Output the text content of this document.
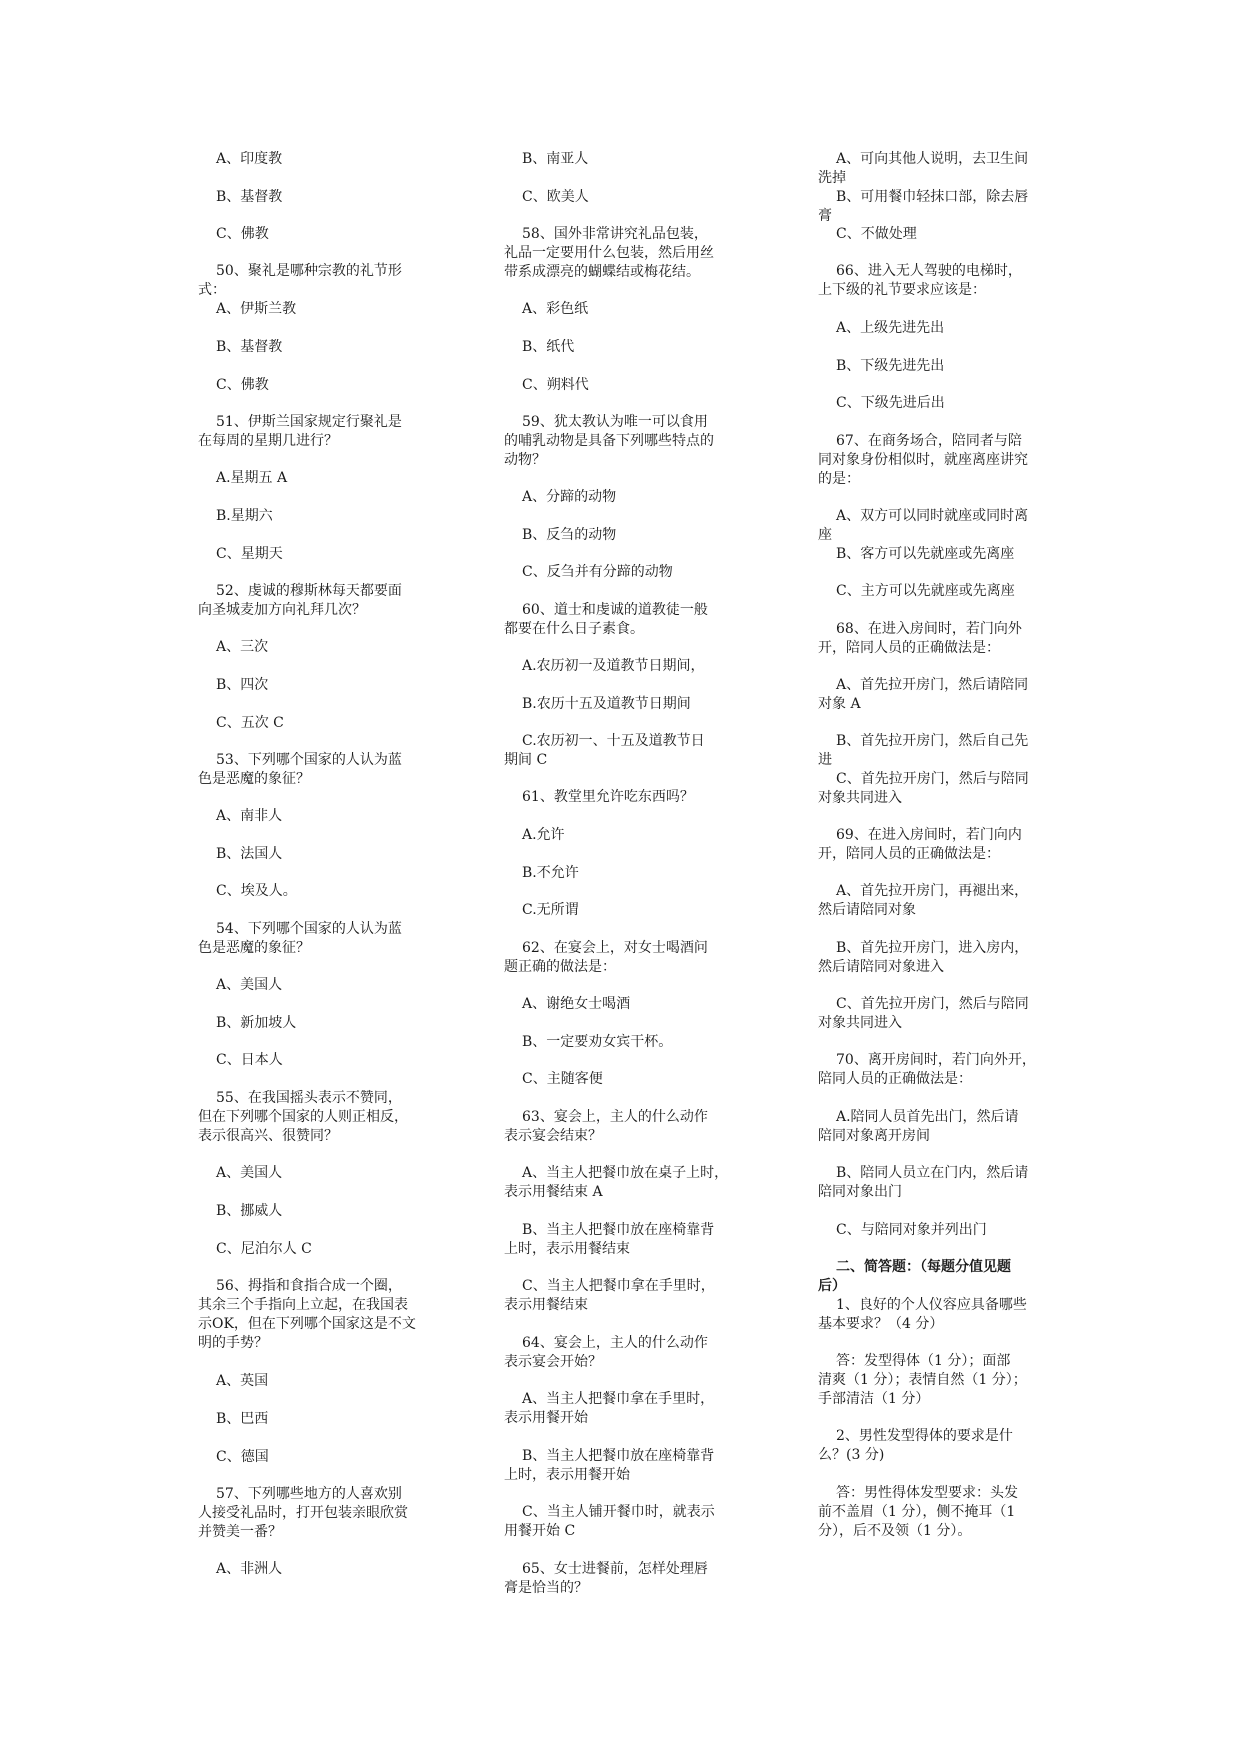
A、印度教

B、基督教

C、佛教

50、聚礼是哪种宗教的礼节形
式：

A、伊斯兰教

B、基督教

C、佛教

51、伊斯兰国家规定行聚礼是
在每周的星期几进行？

A.星期五 A

B.星期六

C、星期天

52、虔诚的穆斯林每天都要面
向圣城麦加方向礼拜几次？

A、三次

B、四次

C、五次 C

53、下列哪个国家的人认为蓝
色是恶魔的象征？

A、南非人

B、法国人

C、埃及人。

54、下列哪个国家的人认为蓝
色是恶魔的象征？

A、美国人

B、新加坡人

C、日本人

55、在我国摇头表示不赞同，
但在下列哪个国家的人则正相反，
表示很高兴、很赞同？

A、美国人

B、挪威人

C、尼泊尔人 C

56、拇指和食指合成一个圈，
其余三个手指向上立起，在我国表
示OK，但在下列哪个国家这是不文
明的手势？

A、英国

B、巴西

C、德国

57、下列哪些地方的人喜欢别
人接受礼品时，打开包装亲眼欣赏
并赞美一番？

A、非洲人

B、南亚人

C、欧美人

58、国外非常讲究礼品包装，
礼品一定要用什么包装，然后用丝
带系成漂亮的蝴蝶结或梅花结。

A、彩色纸

B、纸代

C、朔料代

59、犹太教认为唯一可以食用
的哺乳动物是具备下列哪些特点的
动物？

A、分蹄的动物

B、反刍的动物

C、反刍并有分蹄的动物

60、道士和虔诚的道教徒一般
都要在什么日子素食。

A.农历初一及道教节日期间，

B.农历十五及道教节日期间

C.农历初一、十五及道教节日
期间 C

61、教堂里允许吃东西吗？

A.允许

B.不允许

C.无所谓

62、在宴会上，对女士喝酒问
题正确的做法是：

A、谢绝女士喝酒

B、一定要劝女宾干杯。

C、主随客便

63、宴会上，主人的什么动作
表示宴会结束？

A、当主人把餐巾放在桌子上时，
表示用餐结束 A

B、当主人把餐巾放在座椅靠背
上时，表示用餐结束

C、当主人把餐巾拿在手里时，
表示用餐结束

64、宴会上，主人的什么动作
表示宴会开始？

A、当主人把餐巾拿在手里时，
表示用餐开始

B、当主人把餐巾放在座椅靠背
上时，表示用餐开始

C、当主人铺开餐巾时，就表示
用餐开始 C

65、女士进餐前，怎样处理唇
膏是恰当的？

A、可向其他人说明，去卫生间
洗掉

B、可用餐巾轻抹口部，除去唇
膏

C、不做处理

66、进入无人驾驶的电梯时，
上下级的礼节要求应该是：

A、上级先进先出

B、下级先进先出

C、下级先进后出

67、在商务场合，陪同者与陪
同对象身份相似时，就座离座讲究
的是：

A、双方可以同时就座或同时离
座

B、客方可以先就座或先离座

C、主方可以先就座或先离座

68、在进入房间时，若门向外
开，陪同人员的正确做法是：

A、首先拉开房门，然后请陪同
对象 A

B、首先拉开房门，然后自己先
进

C、首先拉开房门，然后与陪同
对象共同进入

69、在进入房间时，若门向内
开，陪同人员的正确做法是：

A、首先拉开房门，再褪出来，
然后请陪同对象

B、首先拉开房门，进入房内，
然后请陪同对象进入

C、首先拉开房门，然后与陪同
对象共同进入

70、离开房间时，若门向外开，
陪同人员的正确做法是：

A.陪同人员首先出门，然后请
陪同对象离开房间

B、陪同人员立在门内，然后请
陪同对象出门

C、与陪同对象并列出门

二、简答题：（每题分值见题
后）

1、良好的个人仪容应具备哪些
基本要求？（4 分）

答：发型得体（1 分）；面部
清爽（1 分）；表情自然（1 分）；
手部清洁（1 分）

2、男性发型得体的要求是什
么？(3 分)

答：男性得体发型要求：头发
前不盖眉（1 分），侧不掩耳（1
分），后不及领（1 分）。
